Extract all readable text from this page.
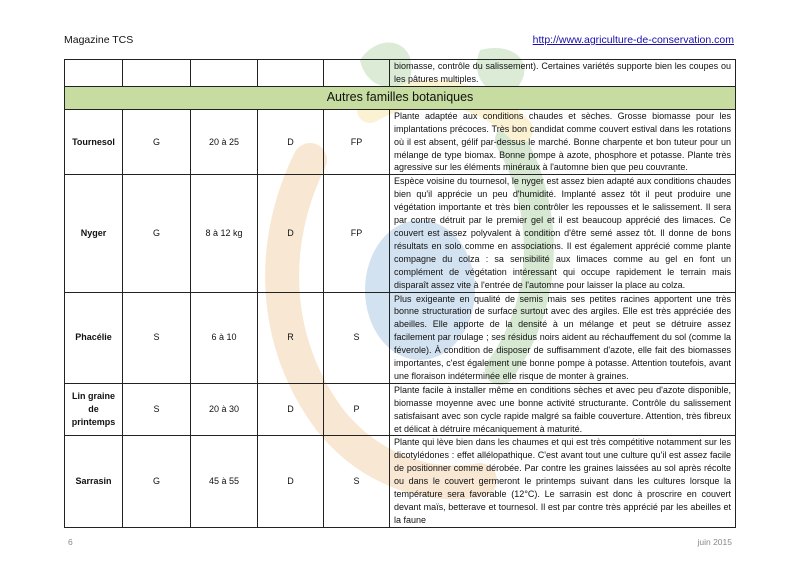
Magazine TCS	http://www.agriculture-de-conservation.com
					biomasse, contrôle du salissement). Certaines variétés supporte bien les coupes ou les pâtures multiples.
Autres familles botaniques					
Tournesol	G	20 à 25	D	FP	Plante adaptée aux conditions chaudes et sèches. Grosse biomasse pour les implantations précoces. Très bon candidat comme couvert estival dans les rotations où il est absent, gélif par-dessus le marché. Bonne charpente et bon tuteur pour un mélange de type biomax. Bonne pompe à azote, phosphore et potasse. Plante très agressive sur les éléments minéraux à l'automne bien que peu couvrante.
Nyger	G	8 à 12 kg	D	FP	Espèce voisine du tournesol, le nyger est assez bien adapté aux conditions chaudes bien qu'il apprécie un peu d'humidité. Implanté assez tôt il peut produire une végétation importante et très bien contrôler les repousses et le salissement. Il sera par contre détruit par le premier gel et il est beaucoup apprécié des limaces. Ce couvert est assez polyvalent à condition d'être semé assez tôt. Il donne de bons résultats en solo comme en associations. Il est également apprécié comme plante compagne du colza : sa sensibilité aux limaces comme au gel en font un complément de végétation intéressant qui occupe rapidement le terrain mais disparaît assez vite à l'entrée de l'automne pour laisser la place au colza.
Phacélie	S	6 à 10	R	S	Plus exigeante en qualité de semis mais ses petites racines apportent une très bonne structuration de surface surtout avec des argiles. Elle est très appréciée des abeilles. Elle apporte de la densité à un mélange et peut se détruire assez facilement par roulage ; ses résidus noirs aident au réchauffement du sol (comme la féverole). À condition de disposer de suffisamment d'azote, elle fait des biomasses importantes, c'est également une bonne pompe à potasse. Attention toutefois, avant une floraison indéterminée elle risque de monter à graines.
Lin graine de printemps	S	20 à 30	D	P	Plante facile à installer même en conditions sèches et avec peu d'azote disponible, biomasse moyenne avec une bonne activité structurante. Contrôle du salissement satisfaisant avec son cycle rapide malgré sa faible couverture. Attention, très fibreux et délicat à détruire mécaniquement à maturité.
Sarrasin	G	45 à 55	D	S	Plante qui lève bien dans les chaumes et qui est très compétitive notamment sur les dicotylédones : effet allélopathique. C'est avant tout une culture qu'il est assez facile de positionner comme dérobée. Par contre les graines laissées au sol après récolte ou dans le couvert germeront le printemps suivant dans les cultures lorsque la température sera favorable (12°C). Le sarrasin est donc à proscrire en couvert devant maïs, betterave et tournesol. Il est par contre très apprécié par les abeilles et la faune
6	juin 2015
